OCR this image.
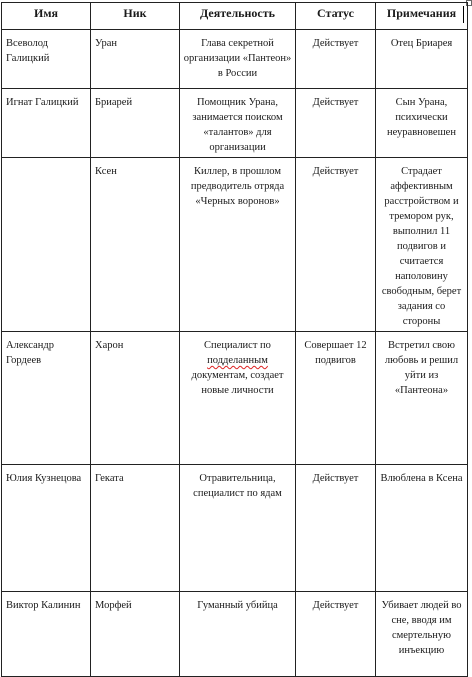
Имя	Ник	Деятельность	Статус	Примечания
Всеволод Галицкий	Уран	Глава секретной организации «Пантеон» в России	Действует	Отец Бриарея
Игнат Галицкий	Бриарей	Помощник Урана, занимается поиском «талантов» для организации	Действует	Сын Урана, психически неуравновешен
	Ксен	Киллер, в прошлом предводитель отряда «Черных воронов»	Действует	Страдает аффективным расстройством и тремором рук, выполнил 11 подвигов и считается наполовину свободным, берет задания со стороны
Александр Гордеев	Харон	Специалист по подделанным документам, создает новые личности	Совершает 12 подвигов	Встретил свою любовь и решил уйти из «Пантеона»
Юлия Кузнецова	Геката	Отравительница, специалист по ядам	Действует	Влюблена в Ксена
Виктор Калинин	Морфей	Гуманный убийца	Действует	Убивает людей во сне, вводя им смертельную инъекцию
